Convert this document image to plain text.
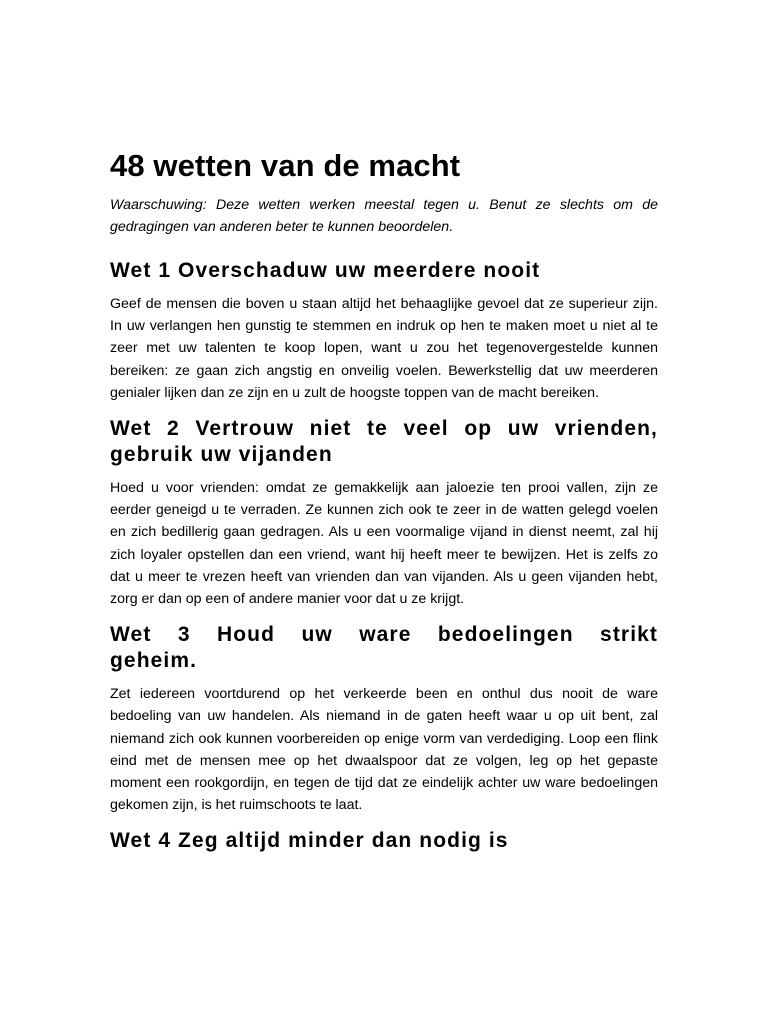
48 wetten van de macht

Waarschuwing: Deze wetten werken meestal tegen u. Benut ze slechts om de gedragingen van anderen beter te kunnen beoordelen.

Wet 1 Overschaduw uw meerdere nooit

Geef de mensen die boven u staan altijd het behaaglijke gevoel dat ze superieur zijn. In uw verlangen hen gunstig te stemmen en indruk op hen te maken moet u niet al te zeer met uw talenten te koop lopen, want u zou het tegenovergestelde kunnen bereiken: ze gaan zich angstig en onveilig voelen. Bewerkstellig dat uw meerderen genialer lijken dan ze zijn en u zult de hoogste toppen van de macht bereiken.

Wet 2 Vertrouw niet te veel op uw vrienden, gebruik uw vijanden

Hoed u voor vrienden: omdat ze gemakkelijk aan jaloezie ten prooi vallen, zijn ze eerder geneigd u te verraden. Ze kunnen zich ook te zeer in de watten gelegd voelen en zich bedillerig gaan gedragen. Als u een voormalige vijand in dienst neemt, zal hij zich loyaler opstellen dan een vriend, want hij heeft meer te bewijzen. Het is zelfs zo dat u meer te vrezen heeft van vrienden dan van vijanden. Als u geen vijanden hebt, zorg er dan op een of andere manier voor dat u ze krijgt.

Wet 3 Houd uw ware bedoelingen strikt geheim.

Zet iedereen voortdurend op het verkeerde been en onthul dus nooit de ware bedoeling van uw handelen. Als niemand in de gaten heeft waar u op uit bent, zal niemand zich ook kunnen voorbereiden op enige vorm van verdediging. Loop een flink eind met de mensen mee op het dwaalspoor dat ze volgen, leg op het gepaste moment een rookgordijn, en tegen de tijd dat ze eindelijk achter uw ware bedoelingen gekomen zijn, is het ruimschoots te laat.

Wet 4 Zeg altijd minder dan nodig is
